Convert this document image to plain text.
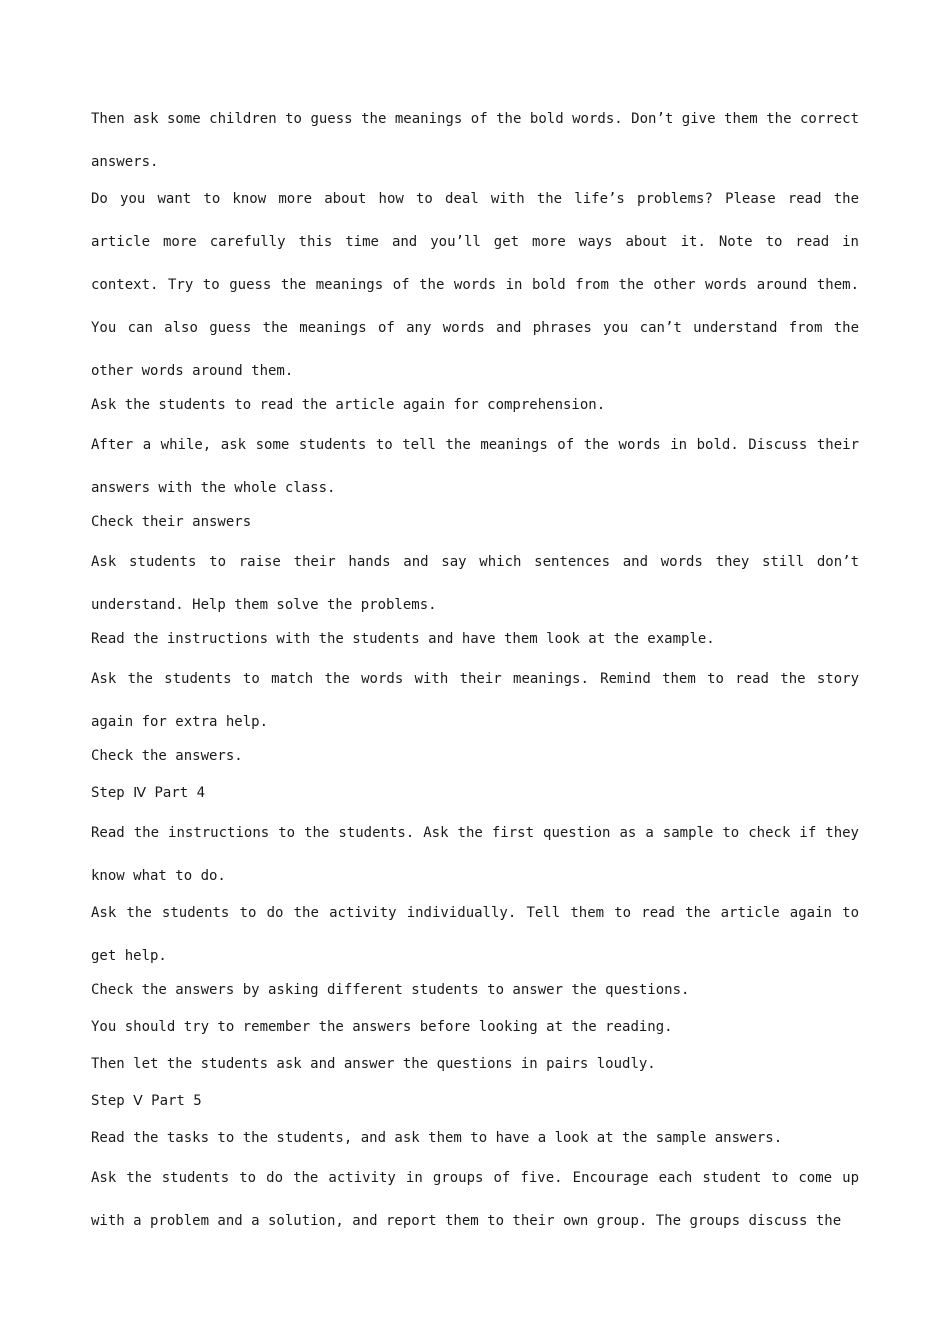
Then ask some children to guess the meanings of the bold words. Don’t give them the correct answers.

Do you want to know more about how to deal with the life’s problems? Please read the article more carefully this time and you’ll get more ways about it. Note to read in context. Try to guess the meanings of the words in bold from the other words around them. You can also guess the meanings of any words and phrases you can’t understand from the other words around them.

Ask the students to read the article again for comprehension.

After a while, ask some students to tell the meanings of the words in bold. Discuss their answers with the whole class.

Check their answers

Ask students to raise their hands and say which sentences and words they still don’t understand. Help them solve the problems.

Read the instructions with the students and have them look at the example.

Ask the students to match the words with their meanings. Remind them to read the story again for extra help.

Check the answers.

Step Ⅳ Part 4

Read the instructions to the students. Ask the first question as a sample to check if they know what to do.

Ask the students to do the activity individually. Tell them to read the article again to get help.

Check the answers by asking different students to answer the questions.

You should try to remember the answers before looking at the reading.

Then let the students ask and answer the questions in pairs loudly.

Step Ⅴ Part 5

Read the tasks to the students, and ask them to have a look at the sample answers.

Ask the students to do the activity in groups of five. Encourage each student to come up with a problem and a solution, and report them to their own group. The groups discuss the
